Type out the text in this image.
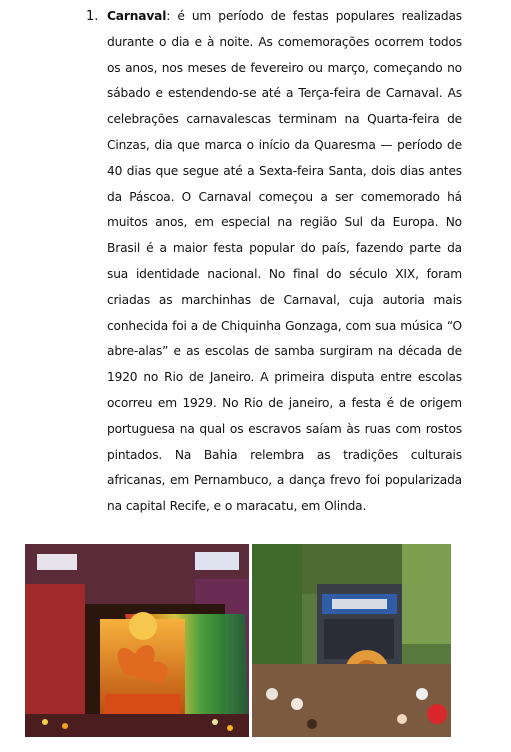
1. Carnaval: é um período de festas populares realizadas durante o dia e à noite. As comemorações ocorrem todos os anos, nos meses de fevereiro ou março, começando no sábado e estendendo-se até a Terça-feira de Carnaval. As celebrações carnavalescas terminam na Quarta-feira de Cinzas, dia que marca o início da Quaresma — período de 40 dias que segue até a Sexta-feira Santa, dois dias antes da Páscoa. O Carnaval começou a ser comemorado há muitos anos, em especial na região Sul da Europa. No Brasil é a maior festa popular do país, fazendo parte da sua identidade nacional. No final do século XIX, foram criadas as marchinhas de Carnaval, cuja autoria mais conhecida foi a de Chiquinha Gonzaga, com sua música “O abre-alas” e as escolas de samba surgiram na década de 1920 no Rio de Janeiro. A primeira disputa entre escolas ocorreu em 1929. No Rio de janeiro, a festa é de origem portuguesa na qual os escravos saíam às ruas com rostos pintados. Na Bahia relembra as tradições culturais africanas, em Pernambuco, a dança frevo foi popularizada na capital Recife, e o maracatu, em Olinda.
